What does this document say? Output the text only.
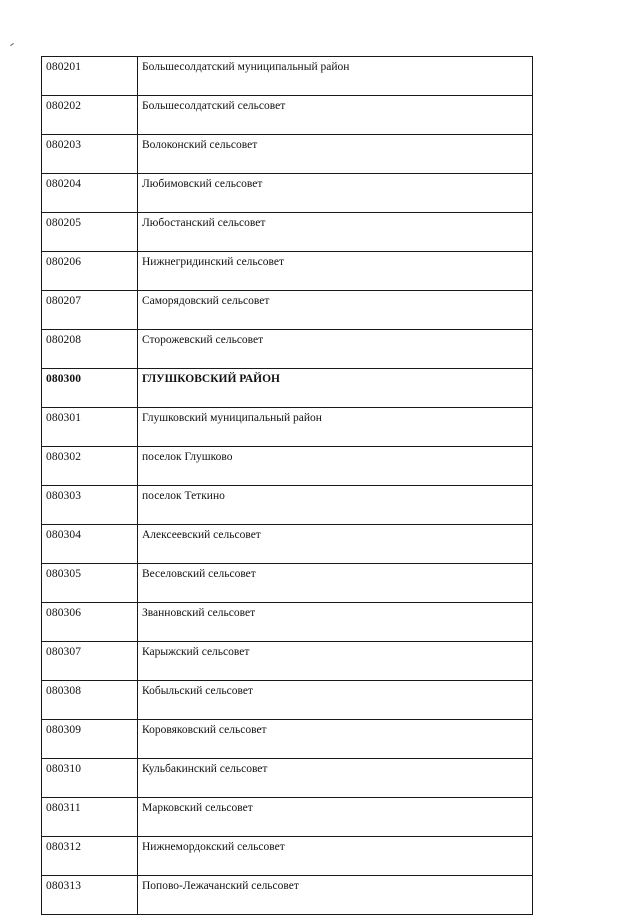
080201	Большесолдатский муниципальный район
080202	Большесолдатский сельсовет
080203	Волоконский сельсовет
080204	Любимовский сельсовет
080205	Любостанский сельсовет
080206	Нижнегридинский сельсовет
080207	Саморядовский сельсовет
080208	Сторожевский сельсовет
080300	ГЛУШКОВСКИЙ РАЙОН
080301	Глушковский муниципальный район
080302	поселок Глушково
080303	поселок Теткино
080304	Алексеевский сельсовет
080305	Веселовский сельсовет
080306	Званновский сельсовет
080307	Карыжский сельсовет
080308	Кобыльский сельсовет
080309	Коровяковский сельсовет
080310	Кульбакинский сельсовет
080311	Марковский сельсовет
080312	Нижнемордокский сельсовет
080313	Попово-Лежачанский сельсовет
